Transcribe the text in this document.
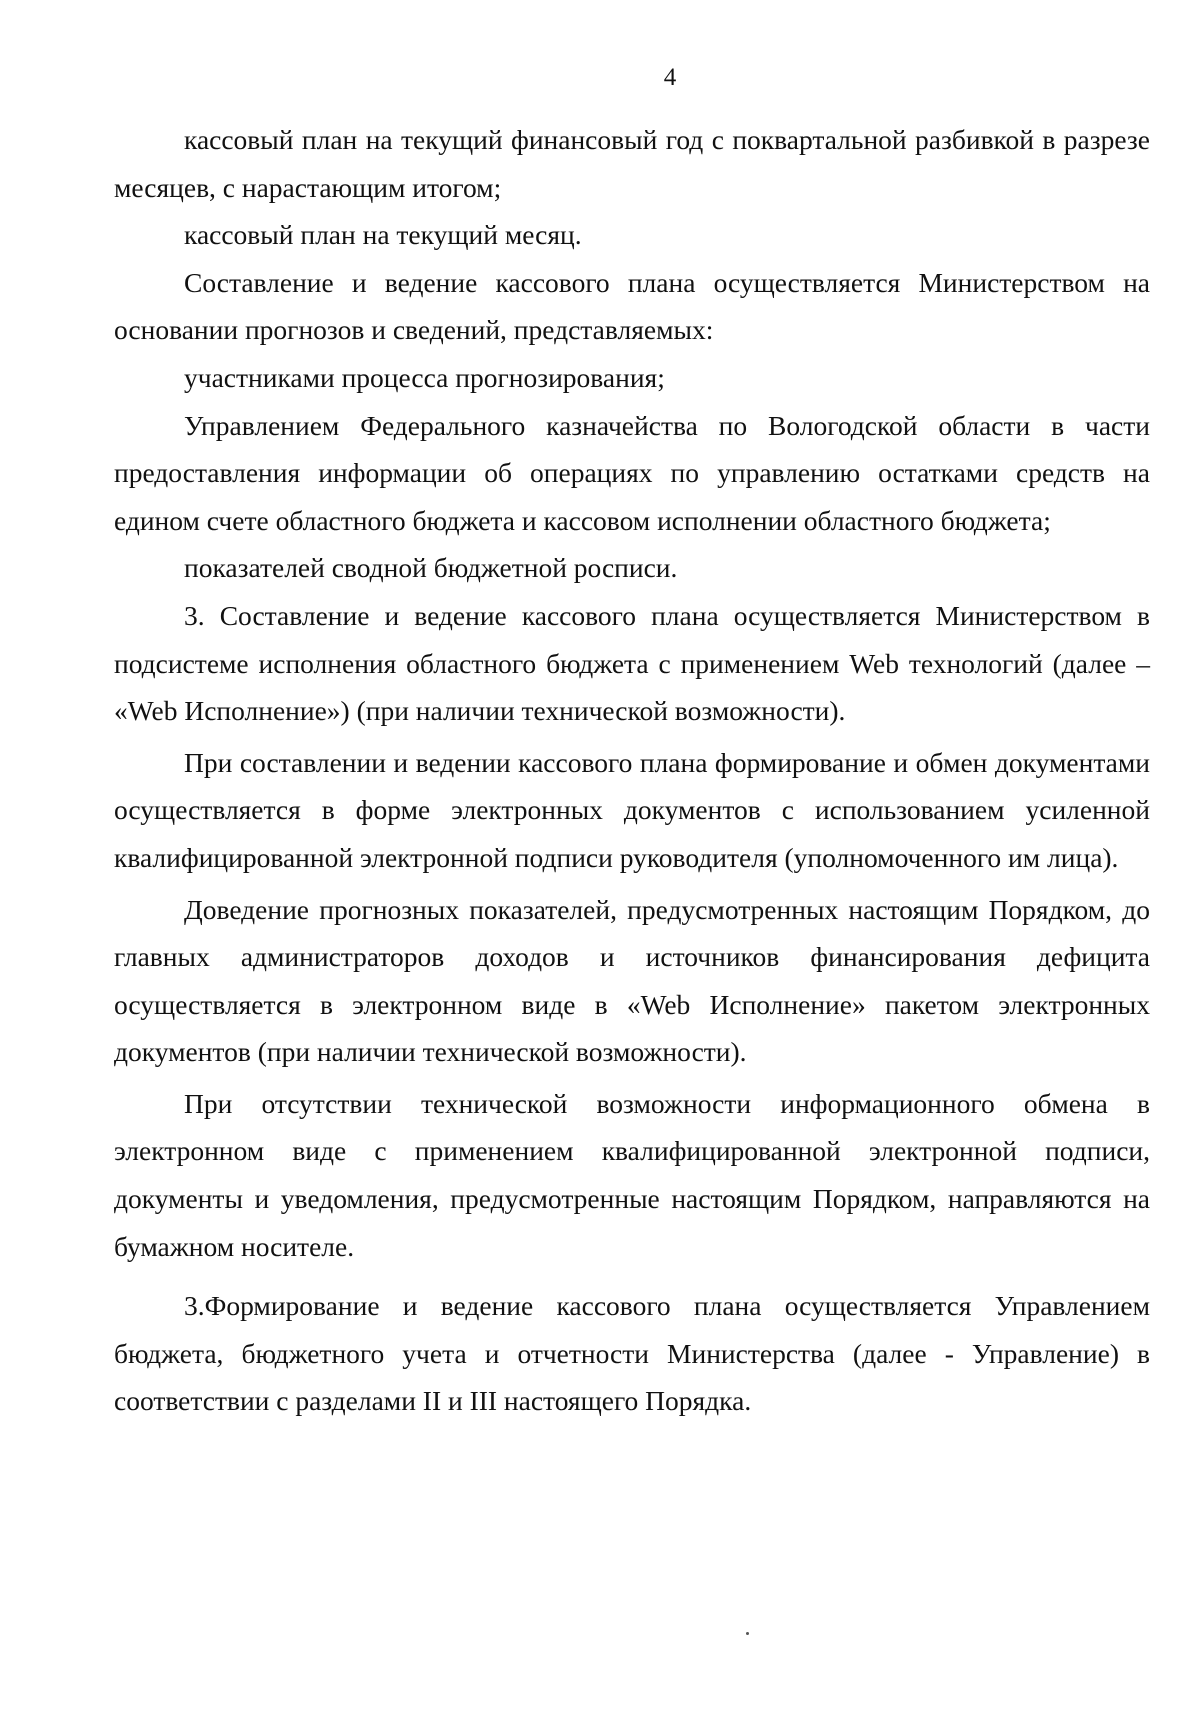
4

кассовый план на текущий финансовый год с поквартальной разбивкой в разрезе месяцев, с нарастающим итогом;

кассовый план на текущий месяц.

Составление и ведение кассового плана осуществляется Министерством на основании прогнозов и сведений, представляемых:

участниками процесса прогнозирования;

Управлением Федерального казначейства по Вологодской области в части предоставления информации об операциях по управлению остатками средств на едином счете областного бюджета и кассовом исполнении областного бюджета;

показателей сводной бюджетной росписи.

3. Составление и ведение кассового плана осуществляется Министерством в подсистеме исполнения областного бюджета с применением Web технологий (далее – «Web Исполнение») (при наличии технической возможности).

При составлении и ведении кассового плана формирование и обмен документами осуществляется в форме электронных документов с использованием усиленной квалифицированной электронной подписи руководителя (уполномоченного им лица).

Доведение прогнозных показателей, предусмотренных настоящим Порядком, до главных администраторов доходов и источников финансирования дефицита осуществляется в электронном виде в «Web Исполнение» пакетом электронных документов (при наличии технической возможности).

При отсутствии технической возможности информационного обмена в электронном виде с применением квалифицированной электронной подписи, документы и уведомления, предусмотренные настоящим Порядком, направляются на бумажном носителе.

3.Формирование и ведение кассового плана осуществляется Управлением бюджета, бюджетного учета и отчетности Министерства (далее - Управление) в соответствии с разделами II и III настоящего Порядка.
